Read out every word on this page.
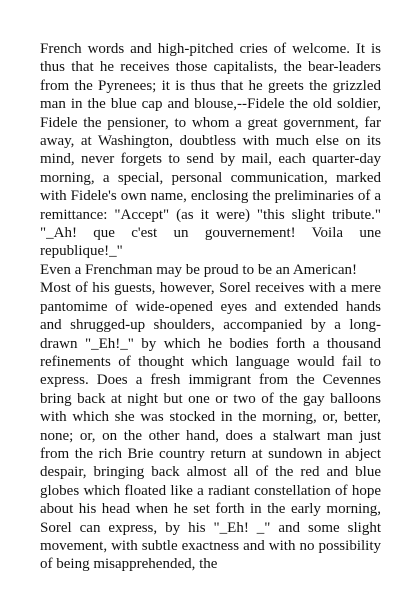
French words and high-pitched cries of welcome. It is thus that he receives those capitalists, the bear-leaders from the Pyrenees; it is thus that he greets the grizzled man in the blue cap and blouse,--Fidele the old soldier, Fidele the pensioner, to whom a great government, far away, at Washington, doubtless with much else on its mind, never forgets to send by mail, each quarter-day morning, a special, personal communication, marked with Fidele's own name, enclosing the preliminaries of a remittance: "Accept" (as it were) "this slight tribute." "_Ah! que c'est un gouvernement! Voila une republique!_"

Even a Frenchman may be proud to be an American!

Most of his guests, however, Sorel receives with a mere pantomime of wide-opened eyes and extended hands and shrugged-up shoulders, accompanied by a long-drawn "_Eh!_" by which he bodies forth a thousand refinements of thought which language would fail to express. Does a fresh immigrant from the Cevennes bring back at night but one or two of the gay balloons with which she was stocked in the morning, or, better, none; or, on the other hand, does a stalwart man just from the rich Brie country return at sundown in abject despair, bringing back almost all of the red and blue globes which floated like a radiant constellation of hope about his head when he set forth in the early morning, Sorel can express, by his "_Eh! _" and some slight movement, with subtle exactness and with no possibility of being misapprehended, the
